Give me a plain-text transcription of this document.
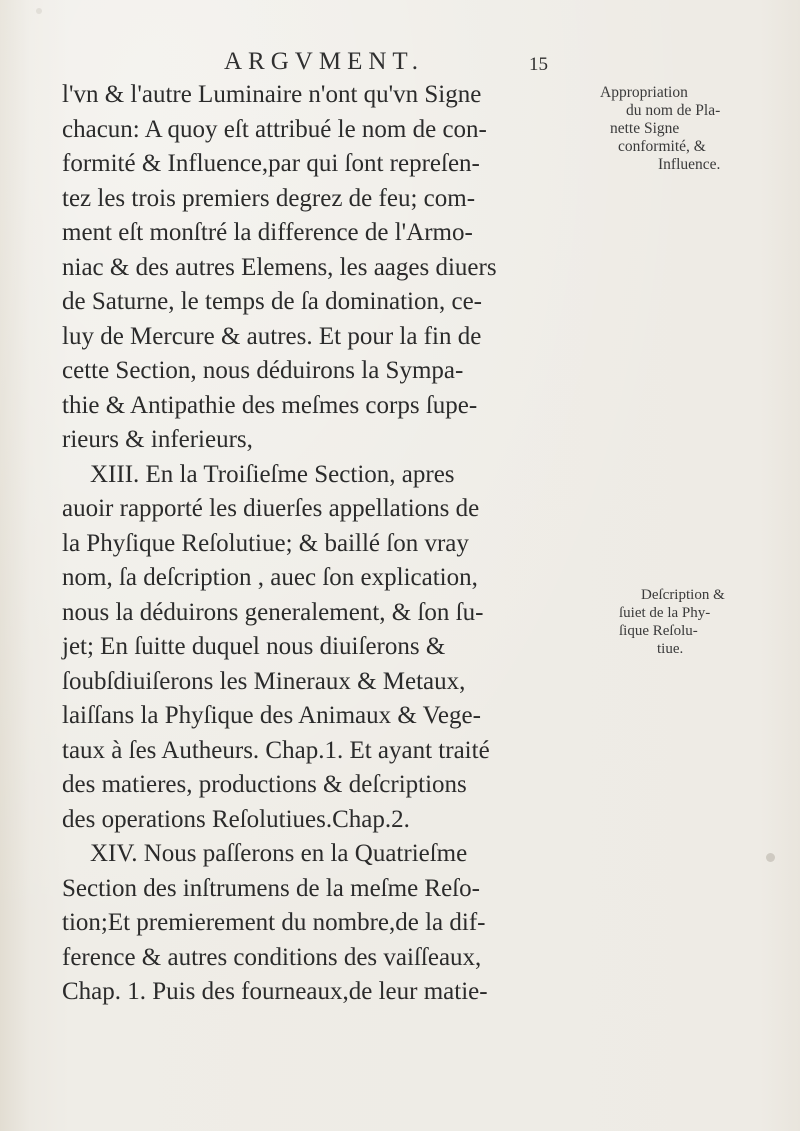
ARGVMENT.	15
l'vn & l'autre Luminaire n'ont qu'vn Signe
chacun: A quoy eſt attribué le nom de con-
formité & Influence,par qui ſont repreſen-
tez les trois premiers degrez de feu; com-
ment eſt monſtré la difference de l'Armo-
niac & des autres Elemens, les aages diuers
de Saturne, le temps de ſa domination, ce-
luy de Mercure & autres. Et pour la fin de
cette Section, nous déduirons la Sympa-
thie & Antipathie des meſmes corps ſupe-
rieurs & inferieurs,
XIII. En la Troiſieſme Section, apres
auoir rapporté les diuerſes appellations de
la Phyſique Reſolutiue; & baillé ſon vray
nom, ſa deſcription , auec ſon explication,
nous la déduirons generalement, & ſon ſu-
jet; En ſuitte duquel nous diuiſerons &
ſoubſdiuiſerons les Mineraux & Metaux,
laiſſans la Phyſique des Animaux & Vege-
taux à ſes Autheurs. Chap.1. Et ayant traité
des matieres, productions & deſcriptions
des operations Reſolutiues.Chap.2.
XIV. Nous paſſerons en la Quatrieſme
Section des inſtrumens de la meſme Reſo-
tion;Et premierement du nombre,de la dif-
ference & autres conditions des vaiſſeaux,
Chap. 1. Puis des fourneaux,de leur matie-
Appropriation
du nom de Pla-
nette Signe
conformité, &
Influence.
Deſcription &
ſuiet de la Phy-
ſique Reſolu-
tiue.
